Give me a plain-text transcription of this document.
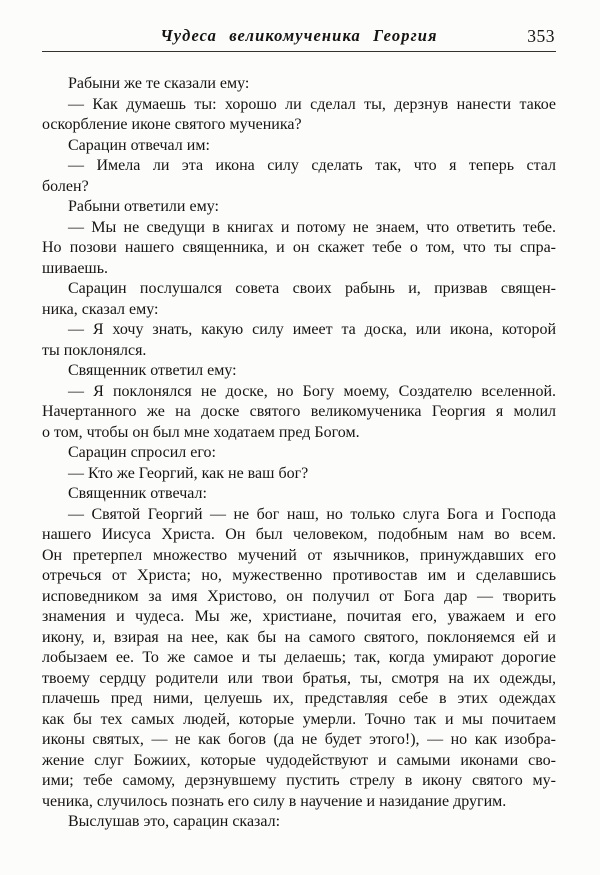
Чудеса великомученика Георгия	353
Рабыни же те сказали ему:
— Как думаешь ты: хорошо ли сделал ты, дерзнув нанести такое
оскорбление иконе святого мученика?
Сарацин отвечал им:
— Имела ли эта икона силу сделать так, что я теперь стал
болен?
Рабыни ответили ему:
— Мы не сведущи в книгах и потому не знаем, что ответить тебе.
Но позови нашего священника, и он скажет тебе о том, что ты спра-
шиваешь.
Сарацин послушался совета своих рабынь и, призвав священ-
ника, сказал ему:
— Я хочу знать, какую силу имеет та доска, или икона, которой
ты поклонялся.
Священник ответил ему:
— Я поклонялся не доске, но Богу моему, Создателю вселенной.
Начертанного же на доске святого великомученика Георгия я молил
о том, чтобы он был мне ходатаем пред Богом.
Сарацин спросил его:
— Кто же Георгий, как не ваш бог?
Священник отвечал:
— Святой Георгий — не бог наш, но только слуга Бога и Господа
нашего Иисуса Христа. Он был человеком, подобным нам во всем.
Он претерпел множество мучений от язычников, принуждавших его
отречься от Христа; но, мужественно противостав им и сделавшись
исповедником за имя Христово, он получил от Бога дар — творить
знамения и чудеса. Мы же, христиане, почитая его, уважаем и его
икону, и, взирая на нее, как бы на самого святого, поклоняемся ей и
лобызаем ее. То же самое и ты делаешь; так, когда умирают дорогие
твоему сердцу родители или твои братья, ты, смотря на их одежды,
плачешь пред ними, целуешь их, представляя себе в этих одеждах
как бы тех самых людей, которые умерли. Точно так и мы почитаем
иконы святых, — не как богов (да не будет этого!), — но как изобра-
жение слуг Божиих, которые чудодействуют и самыми иконами сво-
ими; тебе самому, дерзнувшему пустить стрелу в икону святого му-
ченика, случилось познать его силу в научение и назидание другим.
Выслушав это, сарацин сказал:
